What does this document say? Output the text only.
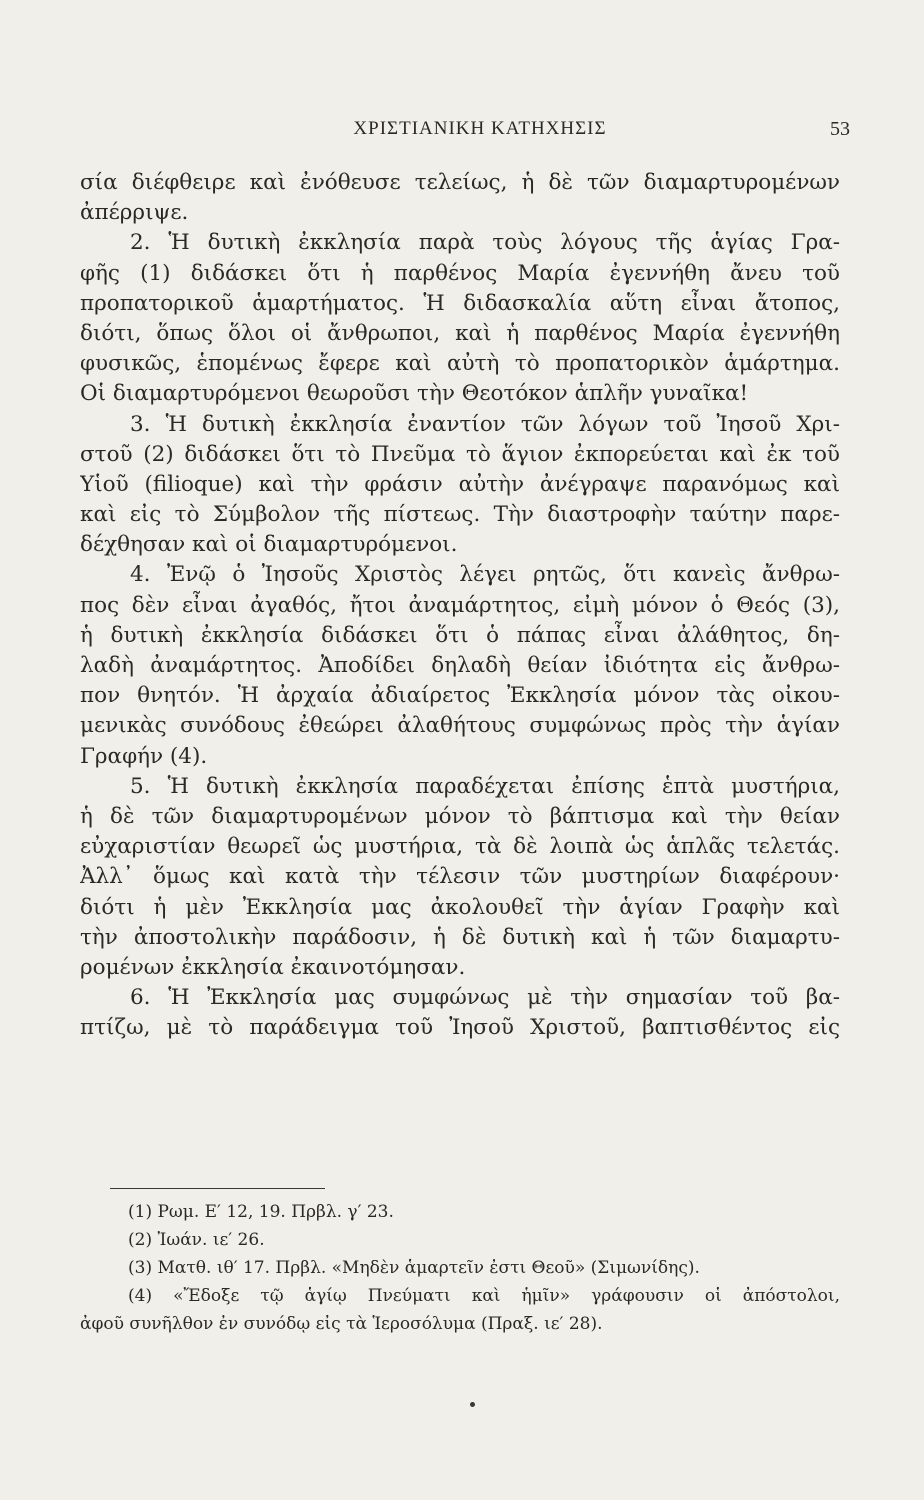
ΧΡΙΣΤΙΑΝΙΚΗ ΚΑΤΗΧΗΣΙΣ	53
σία διέφθειρε καὶ ἐνόθευσε τελείως, ἡ δὲ τῶν διαμαρτυρομένων
ἀπέρριψε.
2. Ἡ δυτικὴ ἐκκλησία παρὰ τοὺς λόγους τῆς ἁγίας Γρα-
φῆς (1) διδάσκει ὅτι ἡ παρθένος Μαρία ἐγεννήθη ἄνευ τοῦ
προπατορικοῦ ἁμαρτήματος. Ἡ διδασκαλία αὕτη εἶναι ἄτοπος,
διότι, ὅπως ὅλοι οἱ ἄνθρωποι, καὶ ἡ παρθένος Μαρία ἐγεννήθη
φυσικῶς, ἑπομένως ἔφερε καὶ αὐτὴ τὸ προπατορικὸν ἁμάρτημα.
Οἱ διαμαρτυρόμενοι θεωροῦσι τὴν Θεοτόκον ἁπλῆν γυναῖκα!
3. Ἡ δυτικὴ ἐκκλησία ἐναντίον τῶν λόγων τοῦ Ἰησοῦ Χρι-
στοῦ (2) διδάσκει ὅτι τὸ Πνεῦμα τὸ ἅγιον ἐκπορεύεται καὶ ἐκ τοῦ
Υἱοῦ (filioque) καὶ τὴν φράσιν αὐτὴν ἀνέγραψε παρανόμως καὶ
καὶ εἰς τὸ Σύμβολον τῆς πίστεως. Τὴν διαστροφὴν ταύτην παρε-
δέχθησαν καὶ οἱ διαμαρτυρόμενοι.
4. Ἐνῷ ὁ Ἰησοῦς Χριστὸς λέγει ρητῶς, ὅτι κανεὶς ἄνθρω-
πος δὲν εἶναι ἀγαθός, ἤτοι ἀναμάρτητος, εἰμὴ μόνον ὁ Θεός (3),
ἡ δυτικὴ ἐκκλησία διδάσκει ὅτι ὁ πάπας εἶναι ἀλάθητος, δη-
λαδὴ ἀναμάρτητος. Ἀποδίδει δηλαδὴ θείαν ἰδιότητα εἰς ἄνθρω-
πον θνητόν. Ἡ ἀρχαία ἀδιαίρετος Ἐκκλησία μόνον τὰς οἰκου-
μενικὰς συνόδους ἐθεώρει ἀλαθήτους συμφώνως πρὸς τὴν ἁγίαν
Γραφήν (4).
5. Ἡ δυτικὴ ἐκκλησία παραδέχεται ἐπίσης ἑπτὰ μυστήρια,
ἡ δὲ τῶν διαμαρτυρομένων μόνον τὸ βάπτισμα καὶ τὴν θείαν
εὐχαριστίαν θεωρεῖ ὡς μυστήρια, τὰ δὲ λοιπὰ ὡς ἁπλᾶς τελετάς.
Ἀλλ᾽ ὅμως καὶ κατὰ τὴν τέλεσιν τῶν μυστηρίων διαφέρουν·
διότι ἡ μὲν Ἐκκλησία μας ἀκολουθεῖ τὴν ἁγίαν Γραφὴν καὶ
τὴν ἀποστολικὴν παράδοσιν, ἡ δὲ δυτικὴ καὶ ἡ τῶν διαμαρτυ-
ρομένων ἐκκλησία ἐκαινοτόμησαν.
6. Ἡ Ἐκκλησία μας συμφώνως μὲ τὴν σημασίαν τοῦ βα-
πτίζω, μὲ τὸ παράδειγμα τοῦ Ἰησοῦ Χριστοῦ, βαπτισθέντος εἰς
(1) Ρωμ. Ε′ 12, 19. Πρβλ. γ′ 23.
(2) Ἰωάν. ιε′ 26.
(3) Ματθ. ιθ′ 17. Πρβλ. «Μηδὲν ἁμαρτεῖν ἐστι Θεοῦ» (Σιμωνίδης).
(4) «Ἔδοξε τῷ ἁγίῳ Πνεύματι καὶ ἡμῖν» γράφουσιν οἱ ἀπόστολοι,
ἀφοῦ συνῆλθον ἐν συνόδῳ εἰς τὰ Ἱεροσόλυμα (Πραξ. ιε′ 28).
